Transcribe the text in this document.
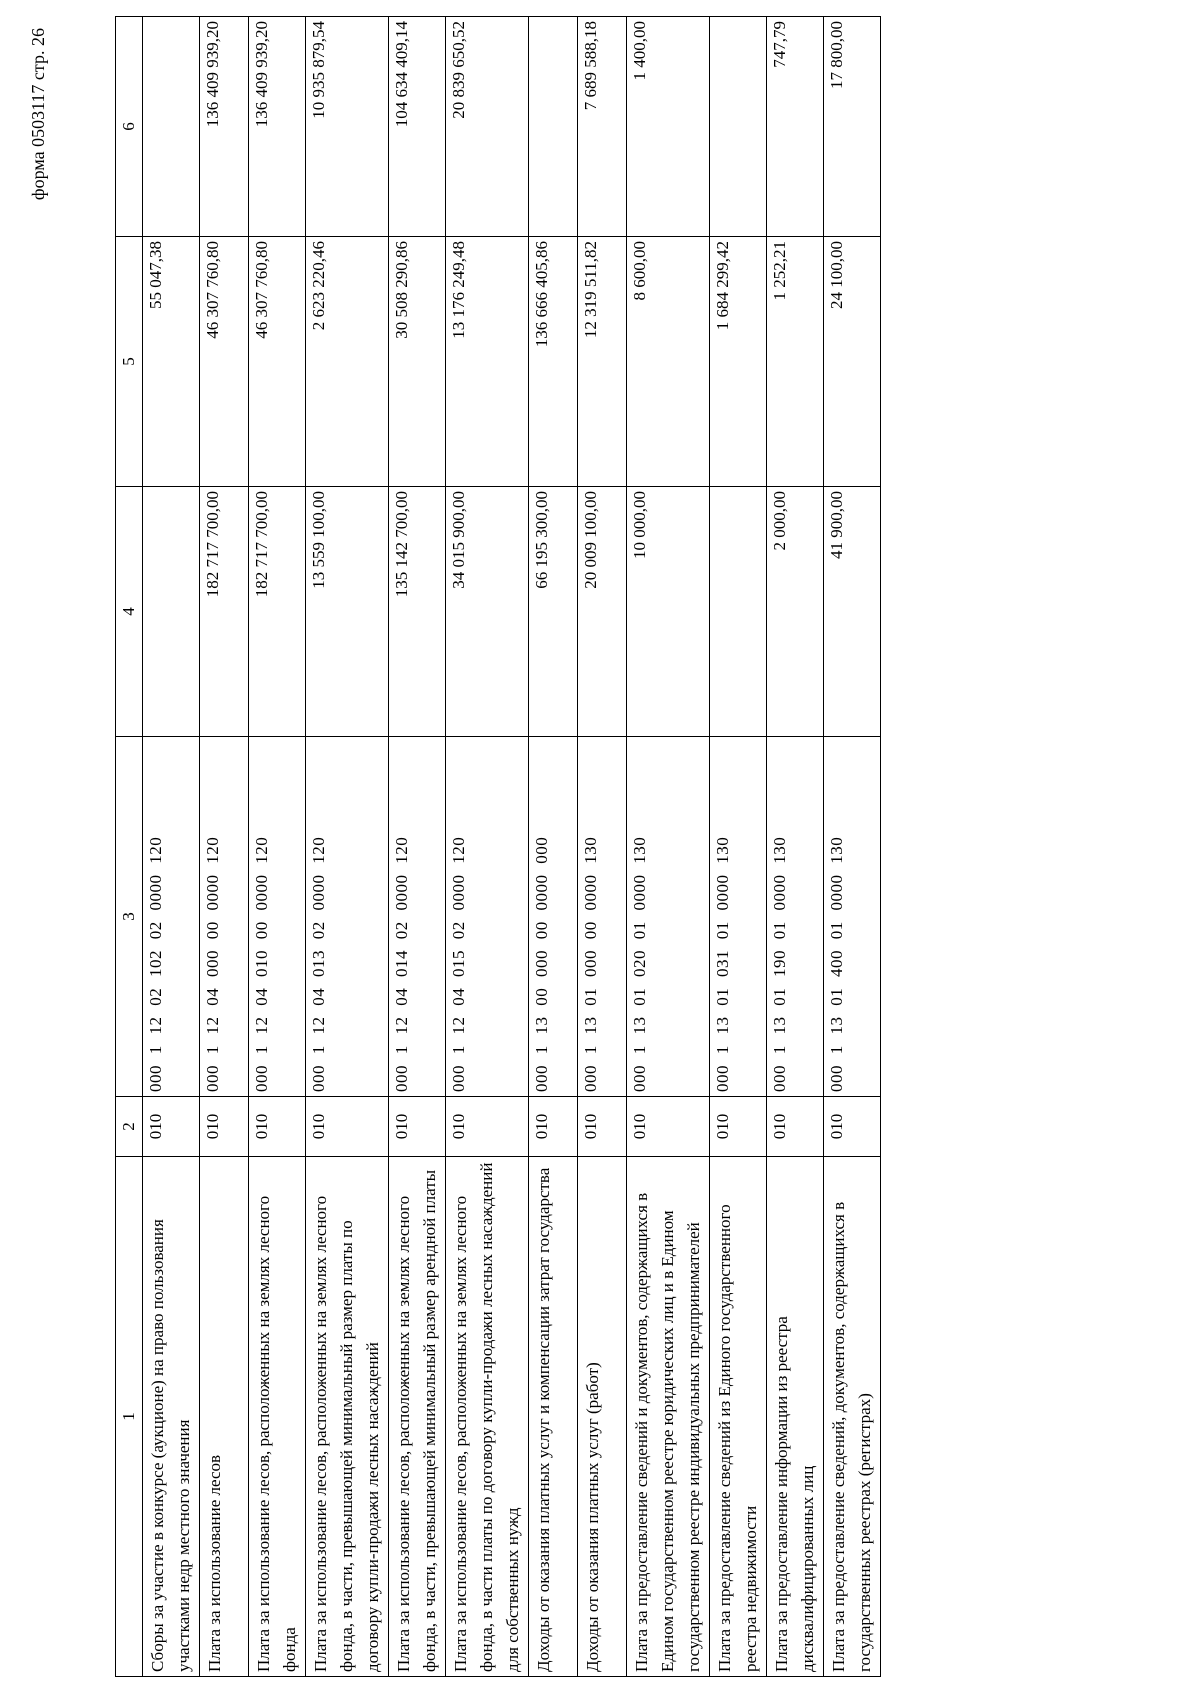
форма 0503117 стр. 26
1	2	3	4	5	6
Сборы за участие в конкурсе (аукционе) на право пользования участками недр местного значения	010	000 1 12 02 102 02 0000 120		55 047,38	
Плата за использование лесов	010	000 1 12 04 000 00 0000 120	182 717 700,00	46 307 760,80	136 409 939,20
Плата за использование лесов, расположенных на землях лесного фонда	010	000 1 12 04 010 00 0000 120	182 717 700,00	46 307 760,80	136 409 939,20
Плата за использование лесов, расположенных на землях лесного фонда, в части, превышающей минимальный размер платы по договору купли-продажи лесных насаждений	010	000 1 12 04 013 02 0000 120	13 559 100,00	2 623 220,46	10 935 879,54
Плата за использование лесов, расположенных на землях лесного фонда, в части, превышающей минимальный размер арендной платы	010	000 1 12 04 014 02 0000 120	135 142 700,00	30 508 290,86	104 634 409,14
Плата за использование лесов, расположенных на землях лесного фонда, в части платы по договору купли-продажи лесных насаждений для собственных нужд	010	000 1 12 04 015 02 0000 120	34 015 900,00	13 176 249,48	20 839 650,52
Доходы от оказания платных услуг и компенсации затрат государства	010	000 1 13 00 000 00 0000 000	66 195 300,00	136 666 405,86	
Доходы от оказания платных услуг (работ)	010	000 1 13 01 000 00 0000 130	20 009 100,00	12 319 511,82	7 689 588,18
Плата за предоставление сведений и документов, содержащихся в Едином государственном реестре юридических лиц и в Едином государственном реестре индивидуальных предпринимателей	010	000 1 13 01 020 01 0000 130	10 000,00	8 600,00	1 400,00
Плата за предоставление сведений из Единого государственного реестра недвижимости	010	000 1 13 01 031 01 0000 130		1 684 299,42	
Плата за предоставление информации из реестра дисквалифицированных лиц	010	000 1 13 01 190 01 0000 130	2 000,00	1 252,21	747,79
Плата за предоставление сведений, документов, содержащихся в государственных реестрах (регистрах)	010	000 1 13 01 400 01 0000 130	41 900,00	24 100,00	17 800,00
